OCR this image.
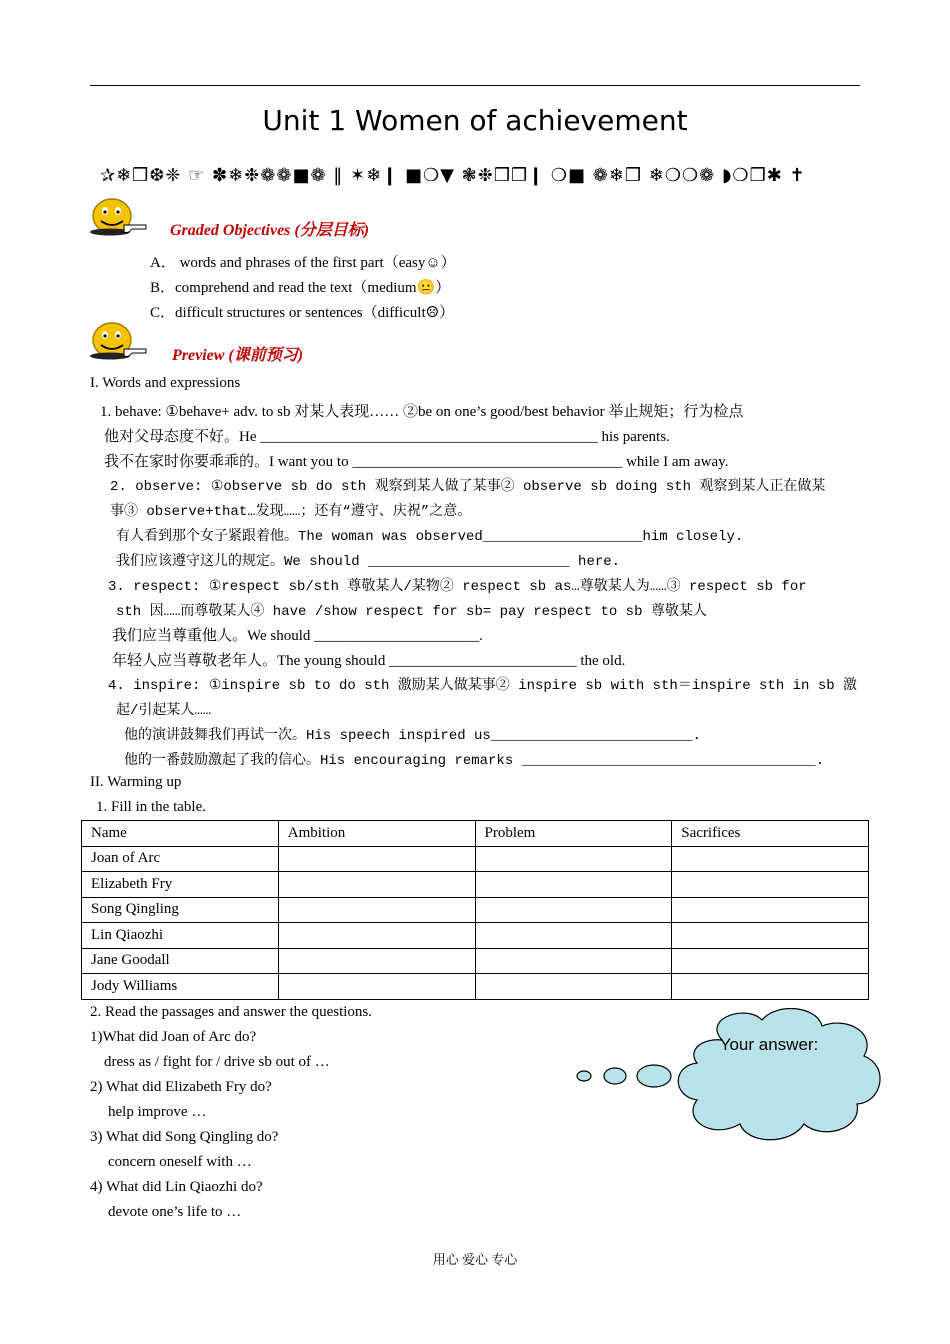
Unit 1 Women of achievement
✰❄❒❆❈ ☞ ✽❄❉❁❁■❁ ‖ ✶❄❙ ■❍▼ ❃❉❒❒❙ ❍■ ❁❄❒ ❄❍❍❁ ◗❍❒✱ ✝
Graded Objectives (分层目标)
A． words and phrases of the first part（easy☺）
B．comprehend and read the text（medium😐）
C．difficult structures or sentences（difficult☹）
Preview (课前预习)
I. Words and expressions
1. behave: ①behave+ adv. to sb 对某人表现…… ②be on one’s good/best behavior 举止规矩；行为检点
他对父母态度不好。He _____________________________________________ his parents.
我不在家时你要乖乖的。I want you to ____________________________________ while I am away.
2. observe: ①observe sb do sth 观察到某人做了某事② observe sb doing sth 观察到某人正在做某
事③ observe+that…发现……；还有“遵守、庆祝”之意。
有人看到那个女子紧跟着他。The woman was observed___________________him closely.
我们应该遵守这儿的规定。We should ________________________ here.
3. respect: ①respect sb/sth 尊敬某人/某物② respect sb as…尊敬某人为……③ respect sb for
sth 因……而尊敬某人④ have /show respect for sb= pay respect to sb 尊敬某人
我们应当尊重他人。We should ______________________.
年轻人应当尊敬老年人。The young should _________________________ the old.
4. inspire: ①inspire sb to do sth 激励某人做某事② inspire sb with sth＝inspire sth in sb 激
起/引起某人……
他的演讲鼓舞我们再试一次。His speech inspired us________________________.
他的一番鼓励激起了我的信心。His encouraging remarks ___________________________________.
II. Warming up
1. Fill in the table.
Name	Ambition	Problem	Sacrifices
Joan of Arc			
Elizabeth Fry			
Song Qingling			
Lin Qiaozhi			
Jane Goodall			
Jody Williams			
2. Read the passages and answer the questions.
1)What did Joan of Arc do?
dress as / fight for / drive sb out of …
2) What did Elizabeth Fry do?
help improve …
3) What did Song Qingling do?
concern oneself with …
4) What did Lin Qiaozhi do?
devote one’s life to …
Your answer:
用心 爱心 专心
